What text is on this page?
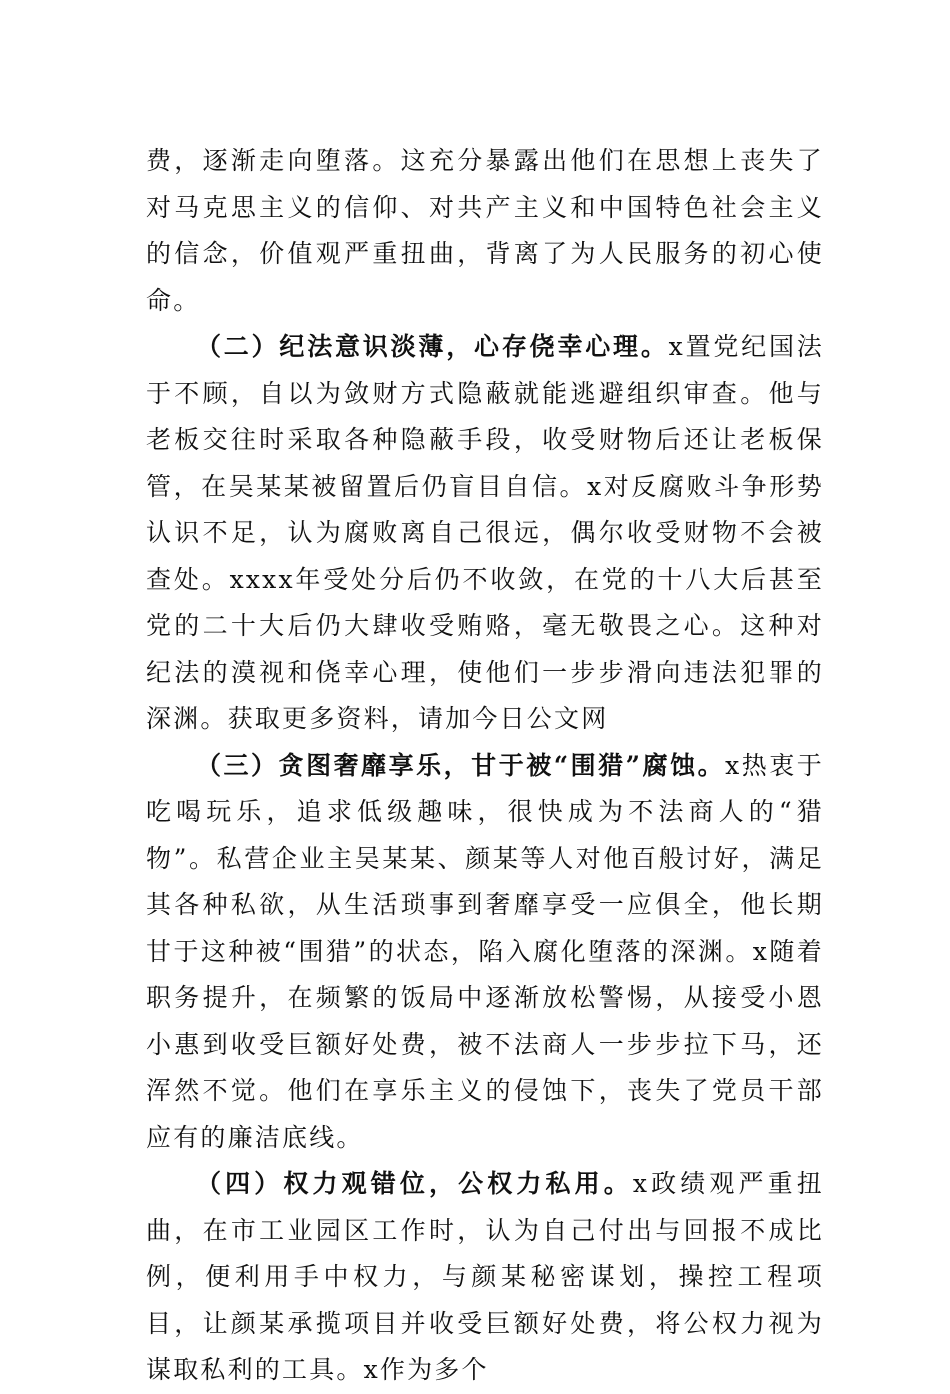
费，逐渐走向堕落。这充分暴露出他们在思想上丧失了对马克思主义的信仰、对共产主义和中国特色社会主义的信念，价值观严重扭曲，背离了为人民服务的初心使命。

（二）纪法意识淡薄，心存侥幸心理。x置党纪国法于不顾，自以为敛财方式隐蔽就能逃避组织审查。他与老板交往时采取各种隐蔽手段，收受财物后还让老板保管，在吴某某被留置后仍盲目自信。x对反腐败斗争形势认识不足，认为腐败离自己很远，偶尔收受财物不会被查处。xxxx年受处分后仍不收敛，在党的十八大后甚至党的二十大后仍大肆收受贿赂，毫无敬畏之心。这种对纪法的漠视和侥幸心理，使他们一步步滑向违法犯罪的深渊。获取更多资料，请加今日公文网

（三）贪图奢靡享乐，甘于被“围猎”腐蚀。x热衷于吃喝玩乐，追求低级趣味，很快成为不法商人的“猎物”。私营企业主吴某某、颜某等人对他百般讨好，满足其各种私欲，从生活琐事到奢靡享受一应俱全，他长期甘于这种被“围猎”的状态，陷入腐化堕落的深渊。x随着职务提升，在频繁的饭局中逐渐放松警惕，从接受小恩小惠到收受巨额好处费，被不法商人一步步拉下马，还浑然不觉。他们在享乐主义的侵蚀下，丧失了党员干部应有的廉洁底线。

（四）权力观错位，公权力私用。x政绩观严重扭曲，在市工业园区工作时，认为自己付出与回报不成比例，便利用手中权力，与颜某秘密谋划，操控工程项目，让颜某承揽项目并收受巨额好处费，将公权力视为谋取私利的工具。x作为多个
